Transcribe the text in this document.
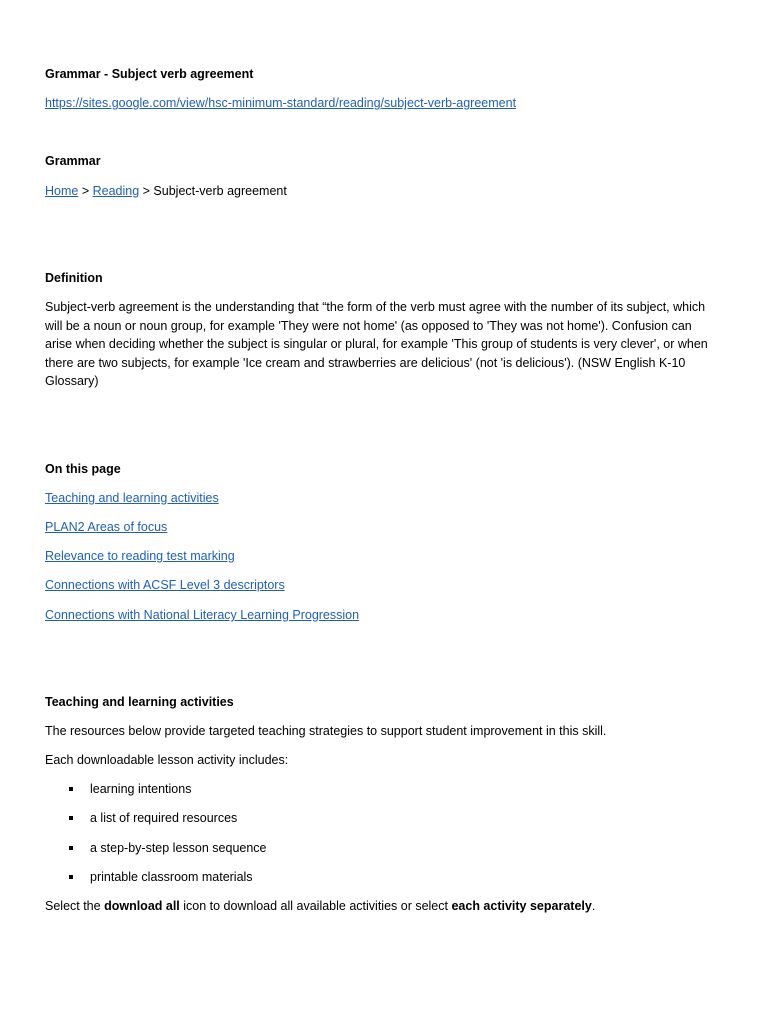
Grammar - Subject verb agreement
https://sites.google.com/view/hsc-minimum-standard/reading/subject-verb-agreement
Grammar
Home > Reading > Subject-verb agreement
Definition
Subject-verb agreement is the understanding that “the form of the verb must agree with the number of its subject, which will be a noun or noun group, for example 'They were not home' (as opposed to 'They was not home'). Confusion can arise when deciding whether the subject is singular or plural, for example 'This group of students is very clever', or when there are two subjects, for example 'Ice cream and strawberries are delicious' (not 'is delicious'). (NSW English K-10 Glossary)
On this page
Teaching and learning activities
PLAN2 Areas of focus
Relevance to reading test marking
Connections with ACSF Level 3 descriptors
Connections with National Literacy Learning Progression
Teaching and learning activities
The resources below provide targeted teaching strategies to support student improvement in this skill.
Each downloadable lesson activity includes:
learning intentions
a list of required resources
a step-by-step lesson sequence
printable classroom materials
Select the download all icon to download all available activities or select each activity separately.
